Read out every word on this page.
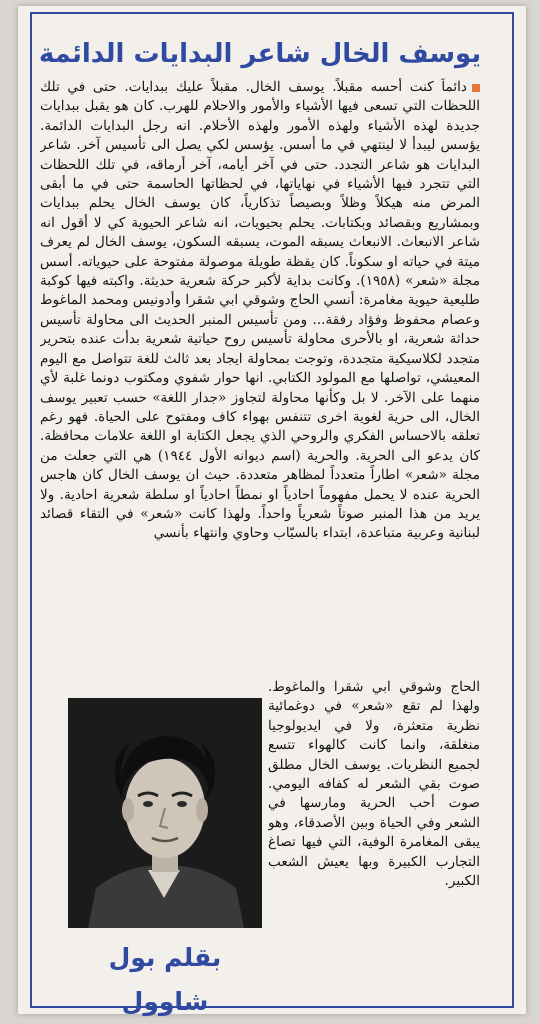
يوسف الخال شاعر البدايات الدائمة
دائماً كنت أحسه مقبلاً. يوسف الخال. مقبلاً عليك ببدايات. حتى في تلك اللحظات التي تسعى فيها الأشياء والأمور والاحلام للهرب. كان هو يقبل ببدايات جديدة لهذه الأشياء ولهذه الأمور ولهذه الأحلام. انه رجل البدايات الدائمة. يؤسس ليبدأ لا لينتهي في ما أسس. يؤسس لكي يصل الى تأسيس آخر. شاعر البدايات هو شاعر التجدد. حتى في آخر أيامه، آخر أرماقه، في تلك اللحظات التي تتجرد فيها الأشياء في نهاياتها، في لحظاتها الحاسمة حتى في ما أبقى المرض منه هيكلاً وظلاً وبصيصاً تذكارياً، كان يوسف الخال يحلم ببدايات وبمشاريع وبقصائد وبكتابات. يحلم بحيويات، انه شاعر الحيوية كي لا أقول انه شاعر الانبعاث. الانبعاث يسبقه الموت، يسبقه السكون، يوسف الخال لم يعرف ميتة في حياته او سكوناً. كان يقظة طويلة موصولة مفتوحة على حيوياته. أسس مجلة «شعر» (١٩٥٨). وكانت بداية لأكبر حركة شعرية حديثة. واكبته فيها كوكبة طليعية حيوية مغامرة: أنسي الحاج وشوقي ابي شقرا وأدونيس ومحمد الماغوط وعصام محفوظ وفؤاد رفقة... ومن تأسيس المنبر الحديث الى محاولة تأسيس حداثة شعرية، او بالأحرى محاولة تأسيس روح حياتية شعرية بدأت عنده بتحرير متجدد لكلاسيكية متجددة، وتوجت بمحاولة ايجاد بعد ثالث للغة تتواصل مع اليوم المعيشي، تواصلها مع المولود الكتابي. انها حوار شفوي ومكتوب دونما غلبة لأي منهما على الآخر. لا بل وكأنها محاولة لتجاوز «جدار اللغة» حسب تعبير يوسف الخال، الى حرية لغوية اخرى تتنفس بهواء كاف ومفتوح على الحياة. فهو رغم تعلقه بالاحساس الفكري والروحي الذي يجعل الكتابة او اللغة علامات محافظة. كان يدعو الى الحرية. والحرية (اسم ديوانه الأول ١٩٤٤) هي التي جعلت من مجلة «شعر» اطاراً متعدداً لمظاهر متعددة. حيث ان يوسف الخال كان هاجس الحرية عنده لا يحمل مفهوماً احادياً او نمطاً احادياً او سلطة شعرية احادية. ولا يريد من هذا المنبر صوتاً شعرياً واحداً. ولهذا كانت «شعر» في التقاء قصائد لبنانية وعربية متباعدة، ابتداء بالسيّاب وحاوي وانتهاء بأنسي
الحاج وشوقي ابي شقرا والماغوط. ولهذا لم تقع «شعر» في دوغمائية نظرية متعثرة، ولا في ايديولوجيا منغلقة، وانما كانت كالهواء تتسع لجميع النظريات. يوسف الخال مطلق صوت بقي الشعر له كفافه اليومي. صوت أحب الحرية ومارسها في الشعر وفي الحياة وبين الأصدقاء، وهو يبقى المغامرة الوفية، التي فيها تصاغ التجارب الكبيرة وبها يعيش الشعب الكبير.
بقلم بول شاوول
